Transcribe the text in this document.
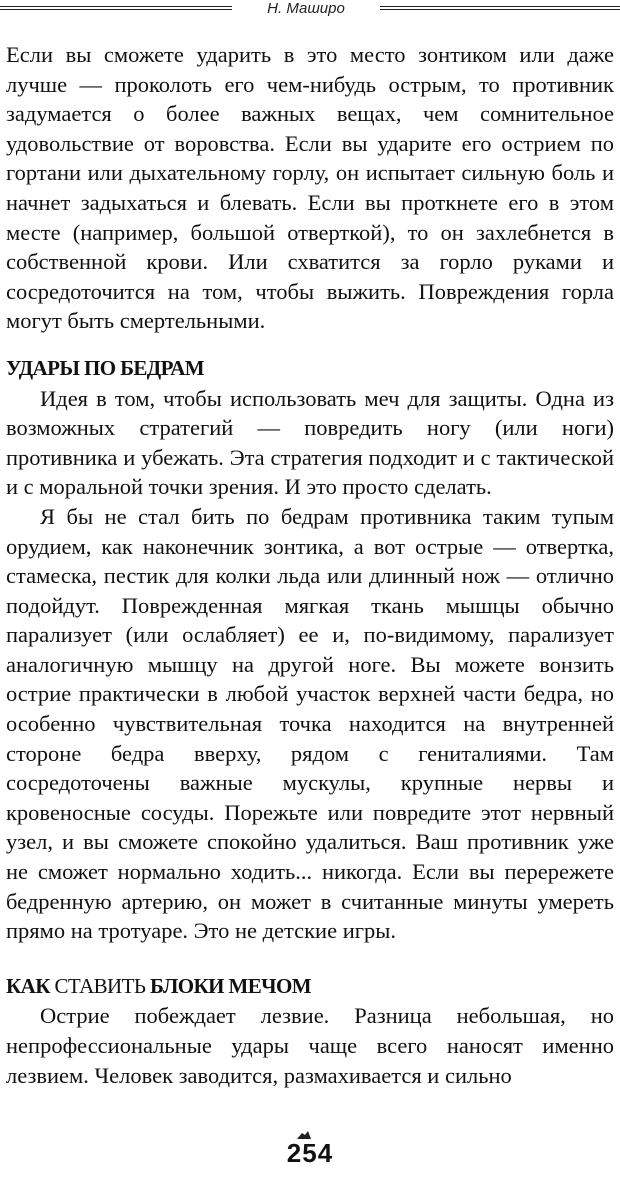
Н. Маширо

Если вы сможете ударить в это место зонтиком или даже лучше — проколоть его чем-нибудь острым, то противник задумается о более важных вещах, чем сомнительное удовольствие от воровства. Если вы ударите его острием по гортани или дыхательному горлу, он испытает сильную боль и начнет задыхаться и блевать. Если вы проткнете его в этом месте (например, большой отверткой), то он захлебнется в собственной крови. Или схватится за горло руками и сосредоточится на том, чтобы выжить. Повреждения горла могут быть смертельными.

УДАРЫ ПО БЕДРАМ

Идея в том, чтобы использовать меч для защиты. Одна из возможных стратегий — повредить ногу (или ноги) противника и убежать. Эта стратегия подходит и с тактической и с моральной точки зрения. И это просто сделать.

Я бы не стал бить по бедрам противника таким тупым орудием, как наконечник зонтика, а вот острые — отвертка, стамеска, пестик для колки льда или длинный нож — отлично подойдут. Поврежденная мягкая ткань мышцы обычно парализует (или ослабляет) ее и, по-видимому, парализует аналогичную мышцу на другой ноге. Вы можете вонзить острие практически в любой участок верхней части бедра, но особенно чувствительная точка находится на внутренней стороне бедра вверху, рядом с гениталиями. Там сосредоточены важные мускулы, крупные нервы и кровеносные сосуды. Порежьте или повредите этот нервный узел, и вы сможете спокойно удалиться. Ваш противник уже не сможет нормально ходить... никогда. Если вы перережете бедренную артерию, он может в считанные минуты умереть прямо на тротуаре. Это не детские игры.

КАК СТАВИТЬ БЛОКИ МЕЧОМ

Острие побеждает лезвие. Разница небольшая, но непрофессиональные удары чаще всего наносят именно лезвием. Человек заводится, размахивается и сильно

254
